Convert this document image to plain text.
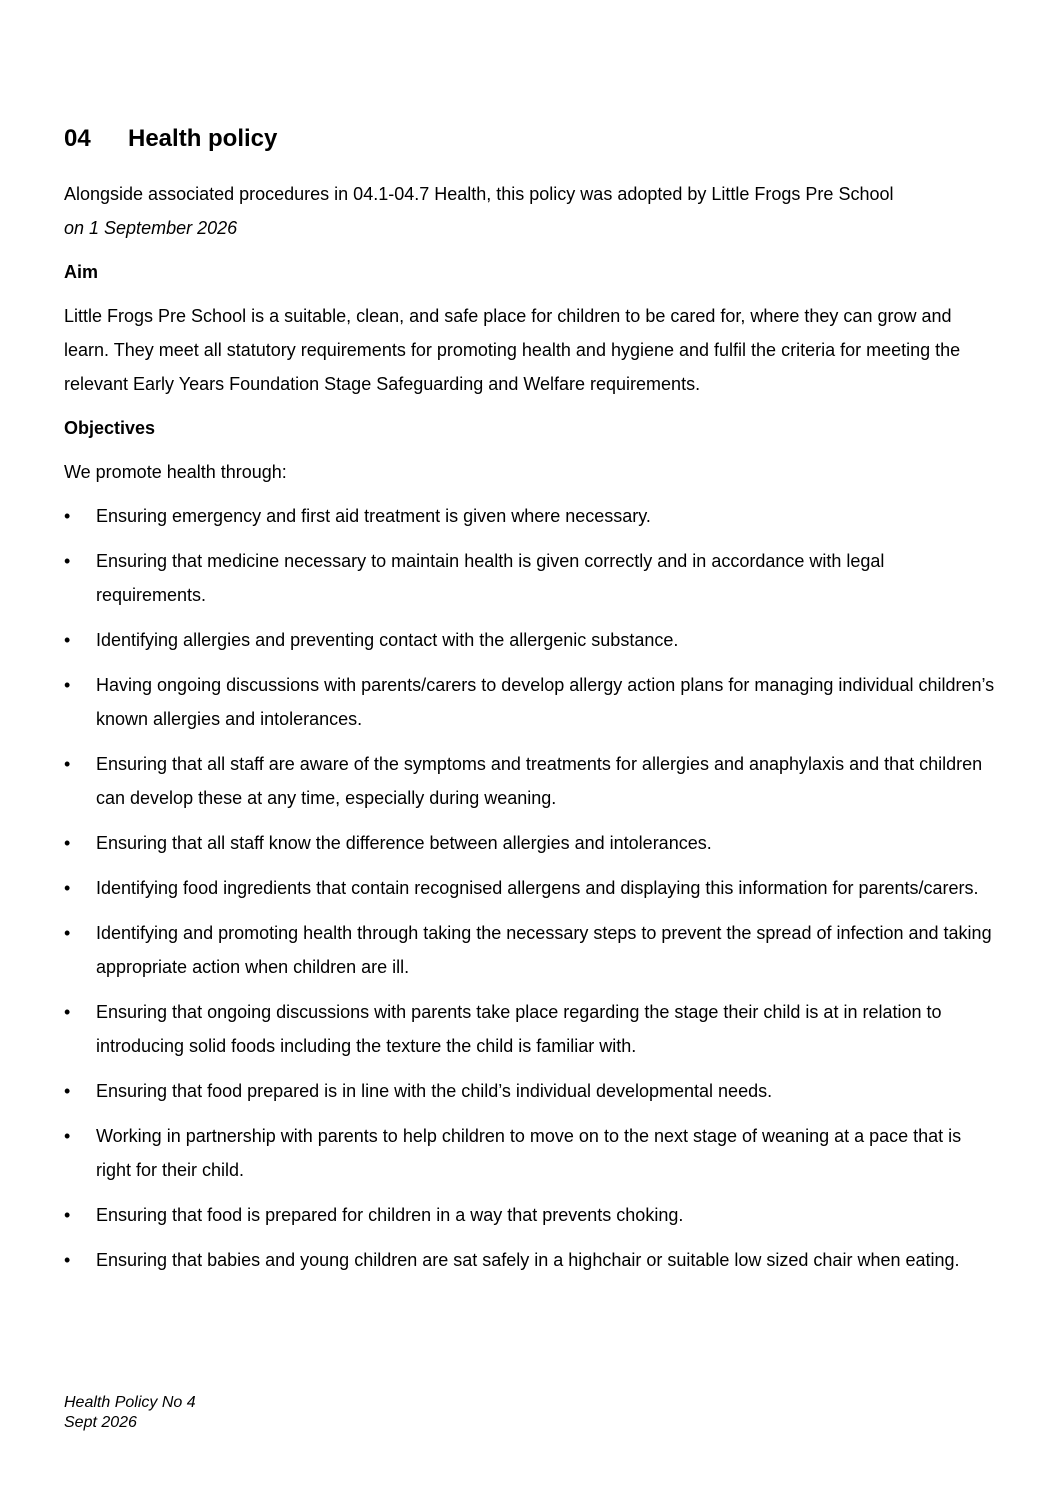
04	Health policy

Alongside associated procedures in 04.1-04.7 Health, this policy was adopted by Little Frogs Pre School

on 1 September 2026

Aim

Little Frogs Pre School is a suitable, clean, and safe place for children to be cared for, where they can grow and learn. They meet all statutory requirements for promoting health and hygiene and fulfil the criteria for meeting the relevant Early Years Foundation Stage Safeguarding and Welfare requirements.

Objectives

We promote health through:

•	Ensuring emergency and first aid treatment is given where necessary.
•	Ensuring that medicine necessary to maintain health is given correctly and in accordance with legal requirements.
•	Identifying allergies and preventing contact with the allergenic substance.
•	Having ongoing discussions with parents/carers to develop allergy action plans for managing individual children’s known allergies and intolerances.
•	Ensuring that all staff are aware of the symptoms and treatments for allergies and anaphylaxis and that children can develop these at any time, especially during weaning.
•	Ensuring that all staff know the difference between allergies and intolerances.
•	Identifying food ingredients that contain recognised allergens and displaying this information for parents/carers.
•	Identifying and promoting health through taking the necessary steps to prevent the spread of infection and taking appropriate action when children are ill.
•	Ensuring that ongoing discussions with parents take place regarding the stage their child is at in relation to introducing solid foods including the texture the child is familiar with.
•	Ensuring that food prepared is in line with the child’s individual developmental needs.
•	Working in partnership with parents to help children to move on to the next stage of weaning at a pace that is right for their child.
•	Ensuring that food is prepared for children in a way that prevents choking.
•	Ensuring that babies and young children are sat safely in a highchair or suitable low sized chair when eating.
Health Policy No 4
Sept 2026
